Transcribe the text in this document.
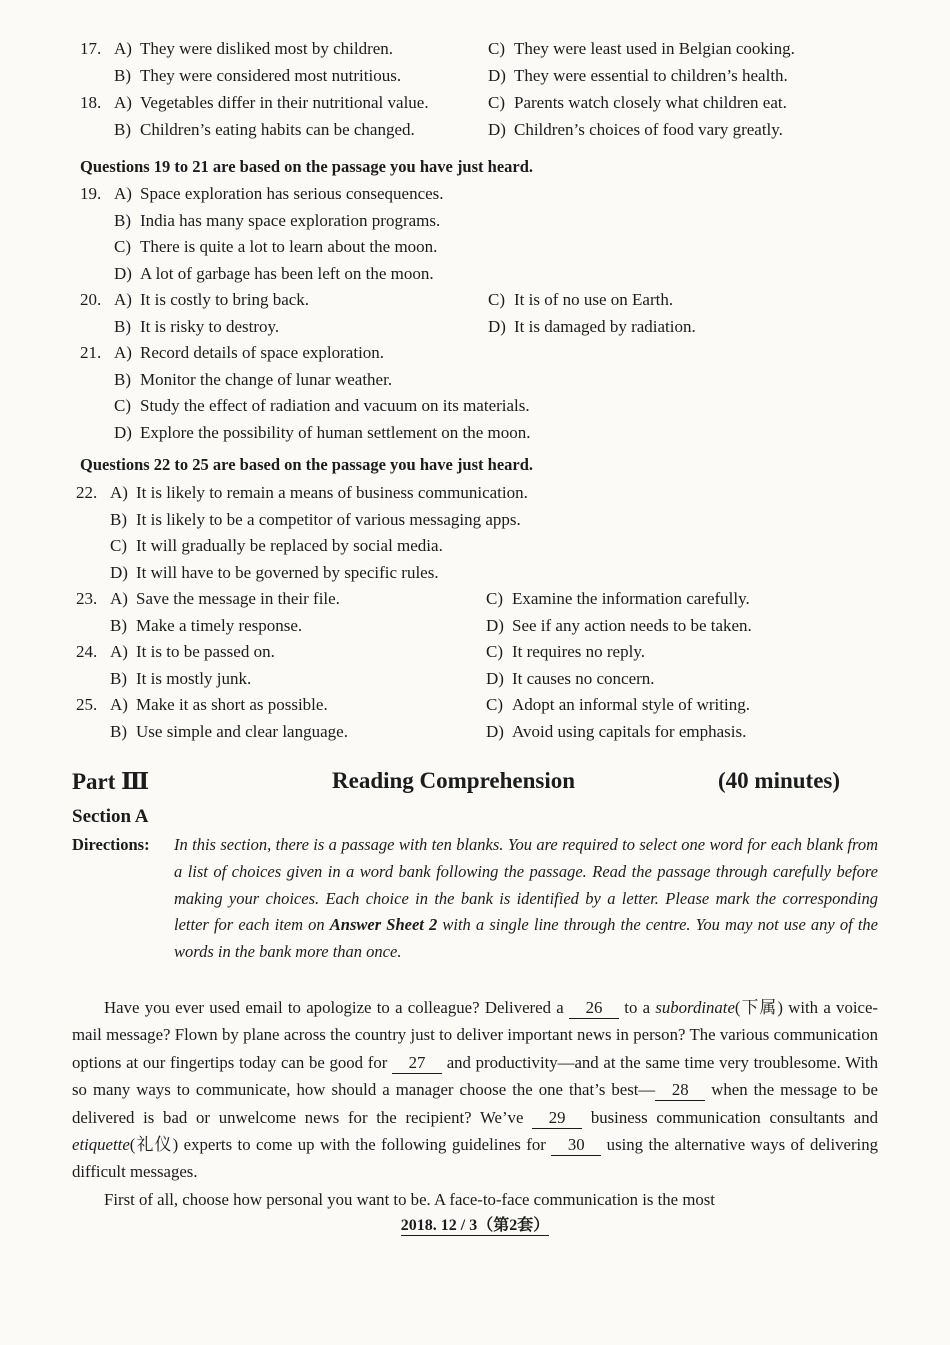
17. A) They were disliked most by children.	C) They were least used in Belgian cooking.
B) They were considered most nutritious.	D) They were essential to children’s health.
18. A) Vegetables differ in their nutritional value.	C) Parents watch closely what children eat.
B) Children’s eating habits can be changed.	D) Children’s choices of food vary greatly.
Questions 19 to 21 are based on the passage you have just heard.
19. A) Space exploration has serious consequences.
B) India has many space exploration programs.
C) There is quite a lot to learn about the moon.
D) A lot of garbage has been left on the moon.
20. A) It is costly to bring back.	C) It is of no use on Earth.
B) It is risky to destroy.	D) It is damaged by radiation.
21. A) Record details of space exploration.
B) Monitor the change of lunar weather.
C) Study the effect of radiation and vacuum on its materials.
D) Explore the possibility of human settlement on the moon.
Questions 22 to 25 are based on the passage you have just heard.
22. A) It is likely to remain a means of business communication.
B) It is likely to be a competitor of various messaging apps.
C) It will gradually be replaced by social media.
D) It will have to be governed by specific rules.
23. A) Save the message in their file.	C) Examine the information carefully.
B) Make a timely response.	D) See if any action needs to be taken.
24. A) It is to be passed on.	C) It requires no reply.
B) It is mostly junk.	D) It causes no concern.
25. A) Make it as short as possible.	C) Adopt an informal style of writing.
B) Use simple and clear language.	D) Avoid using capitals for emphasis.
Part Ⅲ	Reading Comprehension	(40 minutes)
Section A
Directions: In this section, there is a passage with ten blanks. You are required to select one word for each blank from a list of choices given in a word bank following the passage. Read the passage through carefully before making your choices. Each choice in the bank is identified by a letter. Please mark the corresponding letter for each item on Answer Sheet 2 with a single line through the centre. You may not use any of the words in the bank more than once.

Have you ever used email to apologize to a colleague? Delivered a 26 to a subordinate(下属) with a voice-mail message? Flown by plane across the country just to deliver important news in person? The various communication options at our fingertips today can be good for 27 and productivity—and at the same time very troublesome. With so many ways to communicate, how should a manager choose the one that’s best— 28 when the message to be delivered is bad or unwelcome news for the recipient? We’ve 29 business communication consultants and etiquette(礼仪) experts to come up with the following guidelines for 30 using the alternative ways of delivering difficult messages.

First of all, choose how personal you want to be. A face-to-face communication is the most

2018. 12 / 3（第2套）
